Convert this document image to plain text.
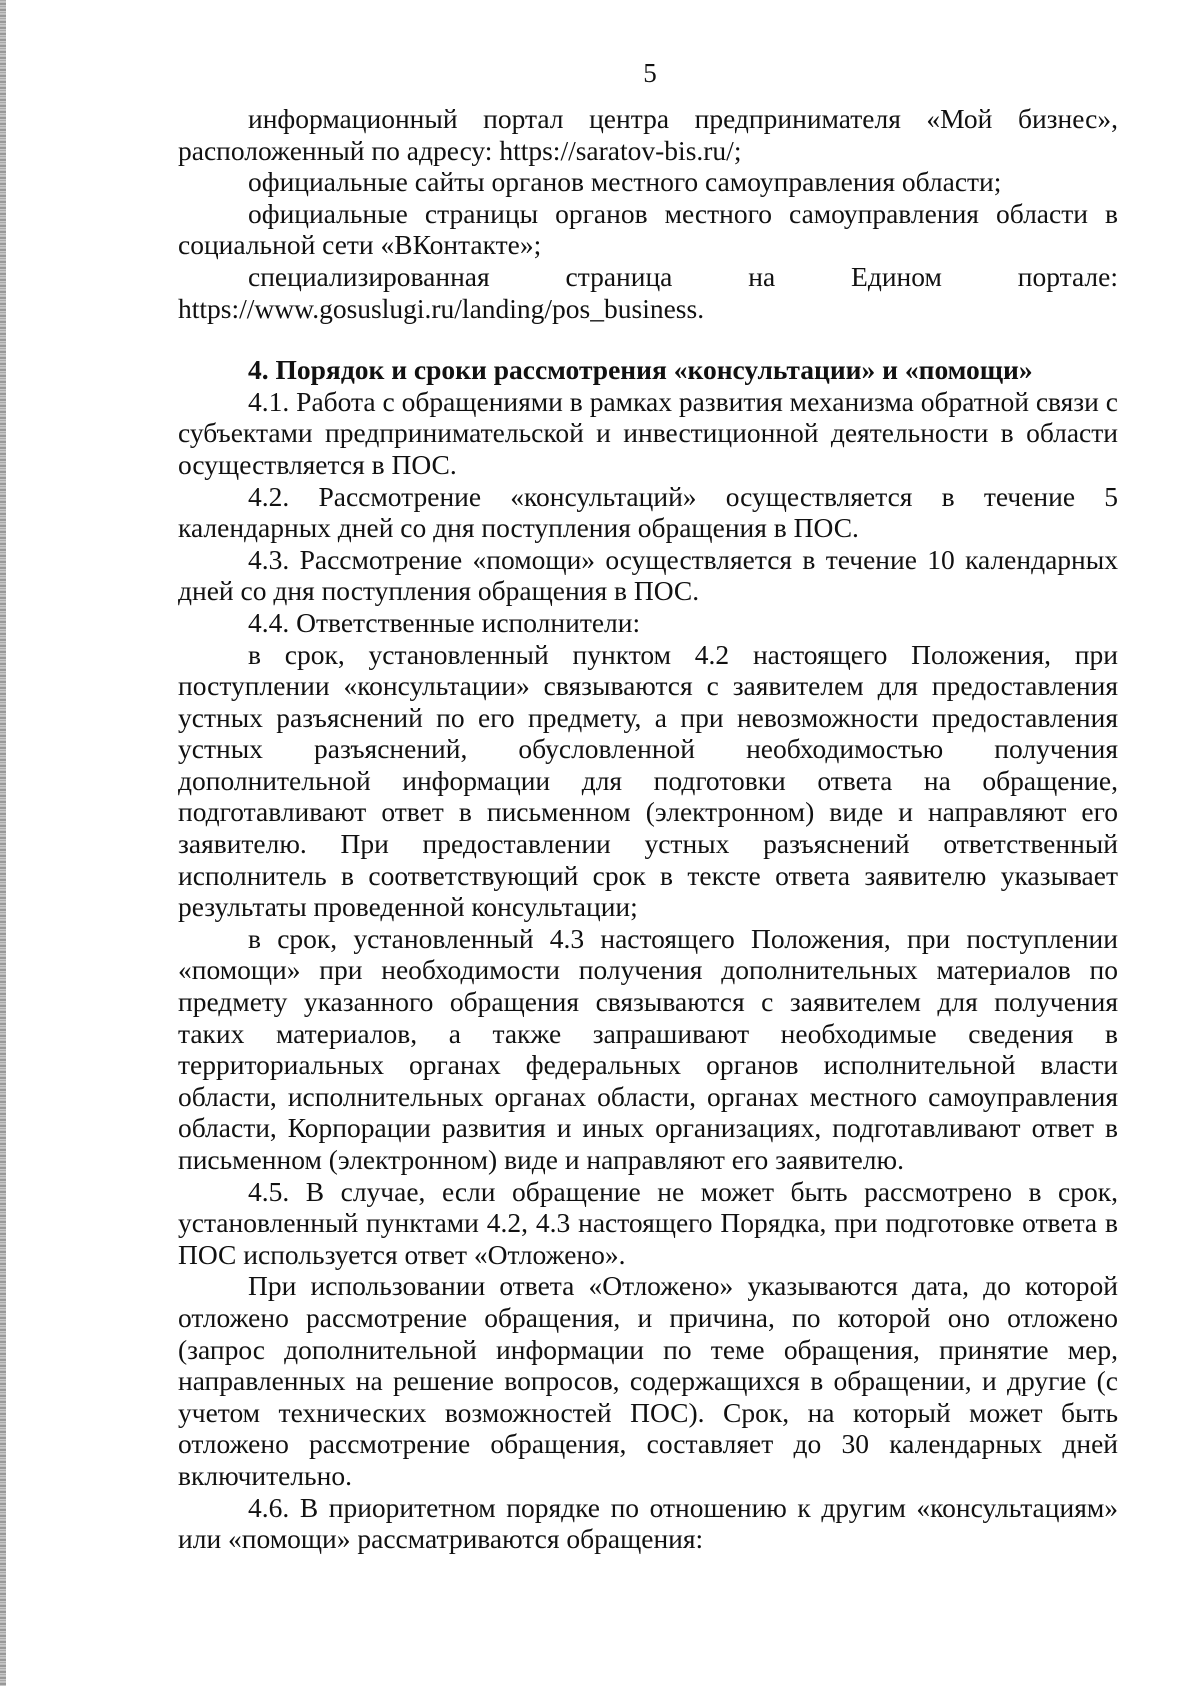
5

информационный портал центра предпринимателя «Мой бизнес», расположенный по адресу: https://saratov-bis.ru/;

официальные сайты органов местного самоуправления области;

официальные страницы органов местного самоуправления области в социальной сети «ВКонтакте»;

специализированная страница на Едином портале:
https://www.gosuslugi.ru/landing/pos_business.

4. Порядок и сроки рассмотрения «консультации» и «помощи»

4.1. Работа с обращениями в рамках развития механизма обратной связи с субъектами предпринимательской и инвестиционной деятельности в области осуществляется в ПОС.

4.2. Рассмотрение «консультаций» осуществляется в течение 5 календарных дней со дня поступления обращения в ПОС.

4.3. Рассмотрение «помощи» осуществляется в течение 10 календарных дней со дня поступления обращения в ПОС.

4.4. Ответственные исполнители:

в срок, установленный пунктом 4.2 настоящего Положения, при поступлении «консультации» связываются с заявителем для предоставления устных разъяснений по его предмету, а при невозможности предоставления устных разъяснений, обусловленной необходимостью получения дополнительной информации для подготовки ответа на обращение, подготавливают ответ в письменном (электронном) виде и направляют его заявителю. При предоставлении устных разъяснений ответственный исполнитель в соответствующий срок в тексте ответа заявителю указывает результаты проведенной консультации;

в срок, установленный 4.3 настоящего Положения, при поступлении «помощи» при необходимости получения дополнительных материалов по предмету указанного обращения связываются с заявителем для получения таких материалов, а также запрашивают необходимые сведения в территориальных органах федеральных органов исполнительной власти области, исполнительных органах области, органах местного самоуправления области, Корпорации развития и иных организациях, подготавливают ответ в письменном (электронном) виде и направляют его заявителю.

4.5. В случае, если обращение не может быть рассмотрено в срок, установленный пунктами 4.2, 4.3 настоящего Порядка, при подготовке ответа в ПОС используется ответ «Отложено».

При использовании ответа «Отложено» указываются дата, до которой отложено рассмотрение обращения, и причина, по которой оно отложено (запрос дополнительной информации по теме обращения, принятие мер, направленных на решение вопросов, содержащихся в обращении, и другие (с учетом технических возможностей ПОС). Срок, на который может быть отложено рассмотрение обращения, составляет до 30 календарных дней включительно.

4.6. В приоритетном порядке по отношению к другим «консультациям» или «помощи» рассматриваются обращения:
